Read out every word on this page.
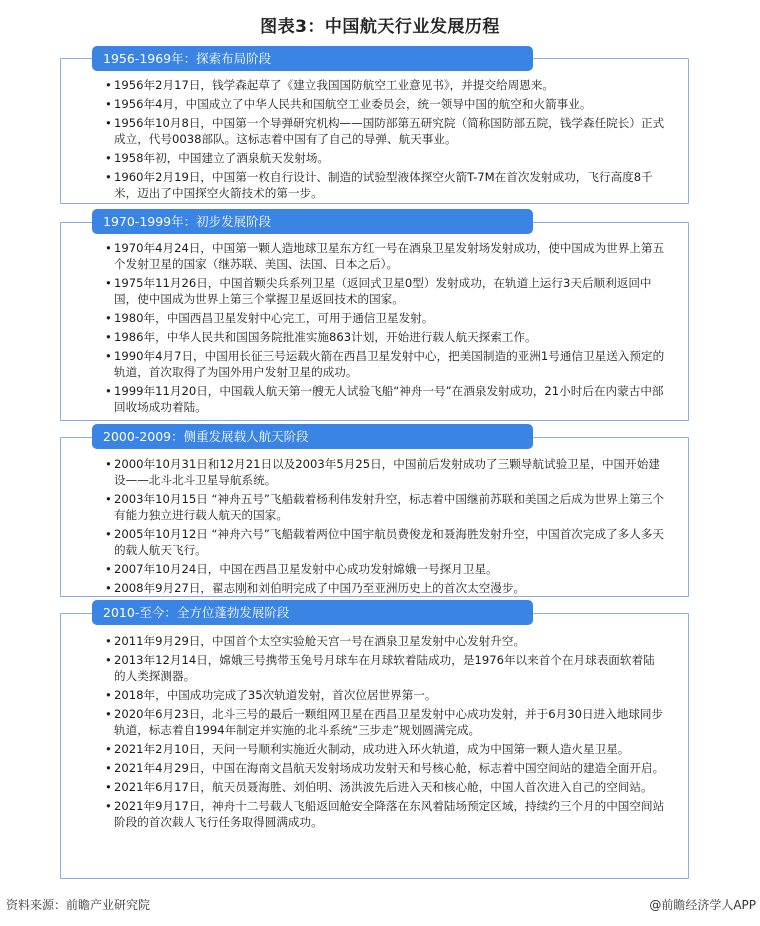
图表3：中国航天行业发展历程
1956-1969年：探索布局阶段
• 1956年2月17日，钱学森起草了《建立我国国防航空工业意见书》，并提交给周恩来。
• 1956年4月，中国成立了中华人民共和国航空工业委员会，统一领导中国的航空和火箭事业。
• 1956年10月8日，中国第一个导弹研究机构——国防部第五研究院（简称国防部五院，钱学森任院长）正式成立，代号0038部队。这标志着中国有了自己的导弹、航天事业。
• 1958年初，中国建立了酒泉航天发射场。
• 1960年2月19日，中国第一枚自行设计、制造的试验型液体探空火箭T-7M在首次发射成功，飞行高度8千米，迈出了中国探空火箭技术的第一步。
1970-1999年：初步发展阶段
• 1970年4月24日，中国第一颗人造地球卫星东方红一号在酒泉卫星发射场发射成功，使中国成为世界上第五个发射卫星的国家（继苏联、美国、法国、日本之后）。
• 1975年11月26日，中国首颗尖兵系列卫星（返回式卫星0型）发射成功，在轨道上运行3天后顺利返回中国，使中国成为世界上第三个掌握卫星返回技术的国家。
• 1980年，中国西昌卫星发射中心完工，可用于通信卫星发射。
• 1986年，中华人民共和国国务院批准实施863计划，开始进行载人航天探索工作。
• 1990年4月7日，中国用长征三号运载火箭在西昌卫星发射中心，把美国制造的亚洲1号通信卫星送入预定的轨道，首次取得了为国外用户发射卫星的成功。
• 1999年11月20日，中国载人航天第一艘无人试验飞船“神舟一号”在酒泉发射成功，21小时后在内蒙古中部回收场成功着陆。
2000-2009：侧重发展载人航天阶段
• 2000年10月31日和12月21日以及2003年5月25日，中国前后发射成功了三颗导航试验卫星，中国开始建设——北斗北斗卫星导航系统。
• 2003年10月15日 “神舟五号”飞船载着杨利伟发射升空，标志着中国继前苏联和美国之后成为世界上第三个有能力独立进行载人航天的国家。
• 2005年10月12日 “神舟六号”飞船载着两位中国宇航员费俊龙和聂海胜发射升空，中国首次完成了多人多天的载人航天飞行。
• 2007年10月24日，中国在西昌卫星发射中心成功发射嫦娥一号探月卫星。
• 2008年9月27日，翟志刚和刘伯明完成了中国乃至亚洲历史上的首次太空漫步。
2010-至今：全方位蓬勃发展阶段
• 2011年9月29日，中国首个太空实验舱天宫一号在酒泉卫星发射中心发射升空。
• 2013年12月14日，嫦娥三号携带玉兔号月球车在月球软着陆成功，是1976年以来首个在月球表面软着陆的人类探测器。
• 2018年，中国成功完成了35次轨道发射，首次位居世界第一。
• 2020年6月23日，北斗三号的最后一颗组网卫星在西昌卫星发射中心成功发射，并于6月30日进入地球同步轨道，标志着自1994年制定并实施的北斗系统“三步走”规划圆满完成。
• 2021年2月10日，天问一号顺利实施近火制动，成功进入环火轨道，成为中国第一颗人造火星卫星。
• 2021年4月29日，中国在海南文昌航天发射场成功发射天和号核心舱，标志着中国空间站的建造全面开启。
• 2021年6月17日，航天员聂海胜、刘伯明、汤洪波先后进入天和核心舱，中国人首次进入自己的空间站。
• 2021年9月17日，神舟十二号载人飞船返回舱安全降落在东风着陆场预定区域，持续约三个月的中国空间站阶段的首次载人飞行任务取得圆满成功。
资料来源：前瞻产业研究院	@前瞻经济学人APP
